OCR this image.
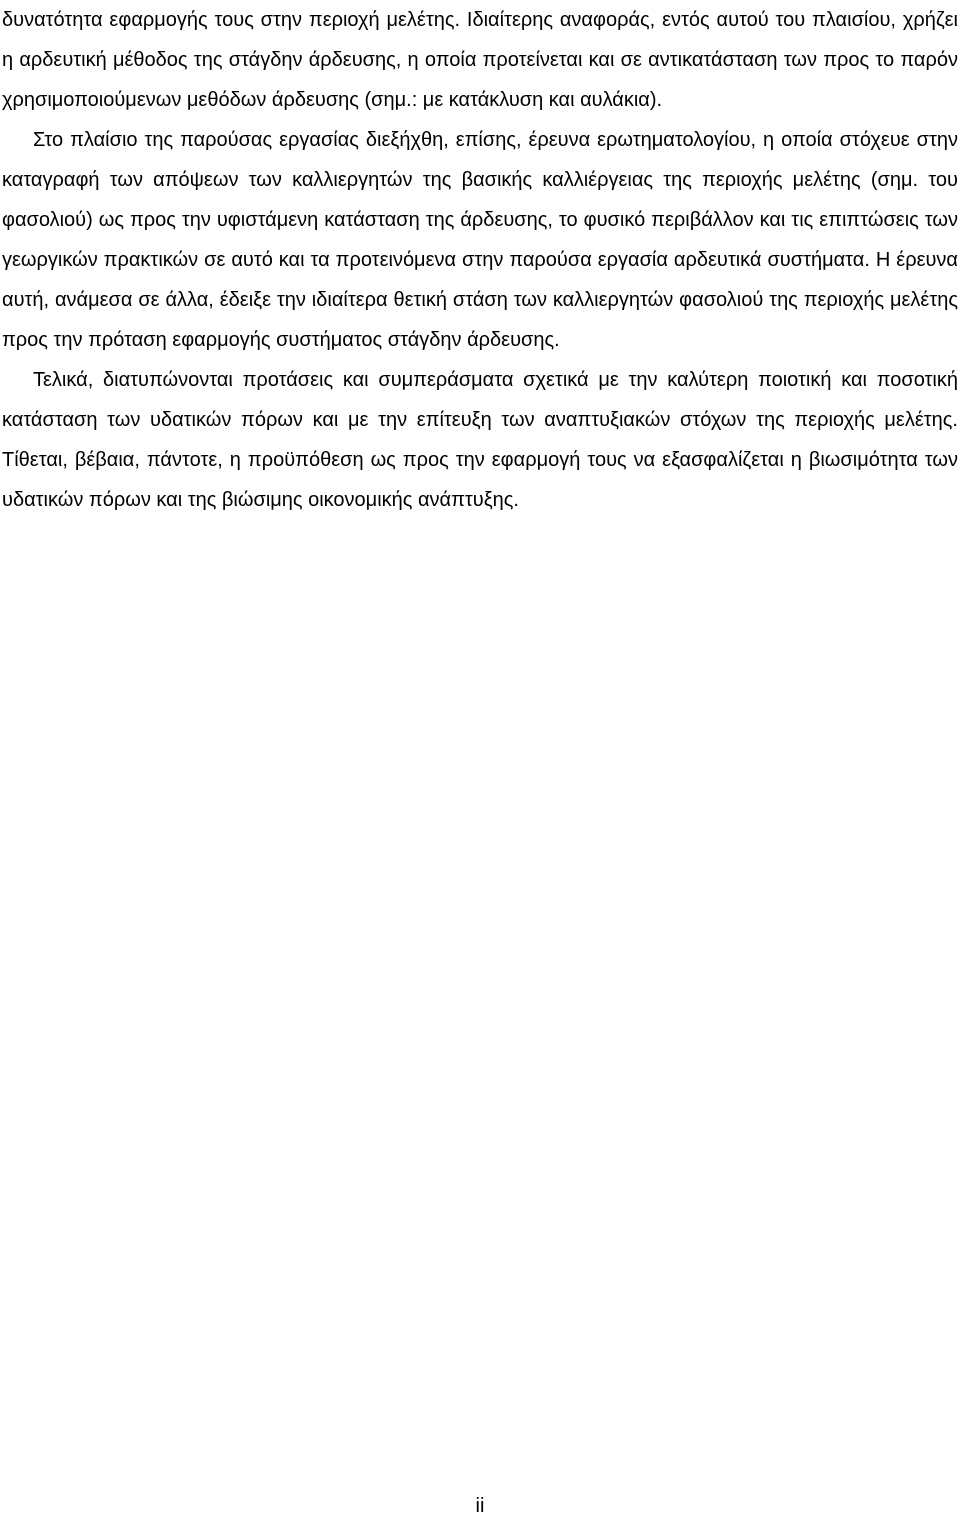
δυνατότητα εφαρμογής τους στην περιοχή μελέτης. Ιδιαίτερης αναφοράς, εντός αυτού του πλαισίου, χρήζει η αρδευτική μέθοδος της στάγδην άρδευσης, η οποία προτείνεται και σε αντικατάσταση των προς το παρόν χρησιμοποιούμενων μεθόδων άρδευσης (σημ.: με κατάκλυση και αυλάκια).

Στο πλαίσιο της παρούσας εργασίας διεξήχθη, επίσης, έρευνα ερωτηματολογίου, η οποία στόχευε στην καταγραφή των απόψεων των καλλιεργητών της βασικής καλλιέργειας της περιοχής μελέτης (σημ. του φασολιού) ως προς την υφιστάμενη κατάσταση της άρδευσης, το φυσικό περιβάλλον και τις επιπτώσεις των γεωργικών πρακτικών σε αυτό και τα προτεινόμενα στην παρούσα εργασία αρδευτικά συστήματα. Η έρευνα αυτή, ανάμεσα σε άλλα, έδειξε την ιδιαίτερα θετική στάση των καλλιεργητών φασολιού της περιοχής μελέτης προς την πρόταση εφαρμογής συστήματος στάγδην άρδευσης.

Τελικά, διατυπώνονται προτάσεις και συμπεράσματα σχετικά με την καλύτερη ποιοτική και ποσοτική κατάσταση των υδατικών πόρων και με την επίτευξη των αναπτυξιακών στόχων της περιοχής μελέτης. Τίθεται, βέβαια, πάντοτε, η προϋπόθεση ως προς την εφαρμογή τους να εξασφαλίζεται η βιωσιμότητα των υδατικών πόρων και της βιώσιμης οικονομικής ανάπτυξης.

ii
